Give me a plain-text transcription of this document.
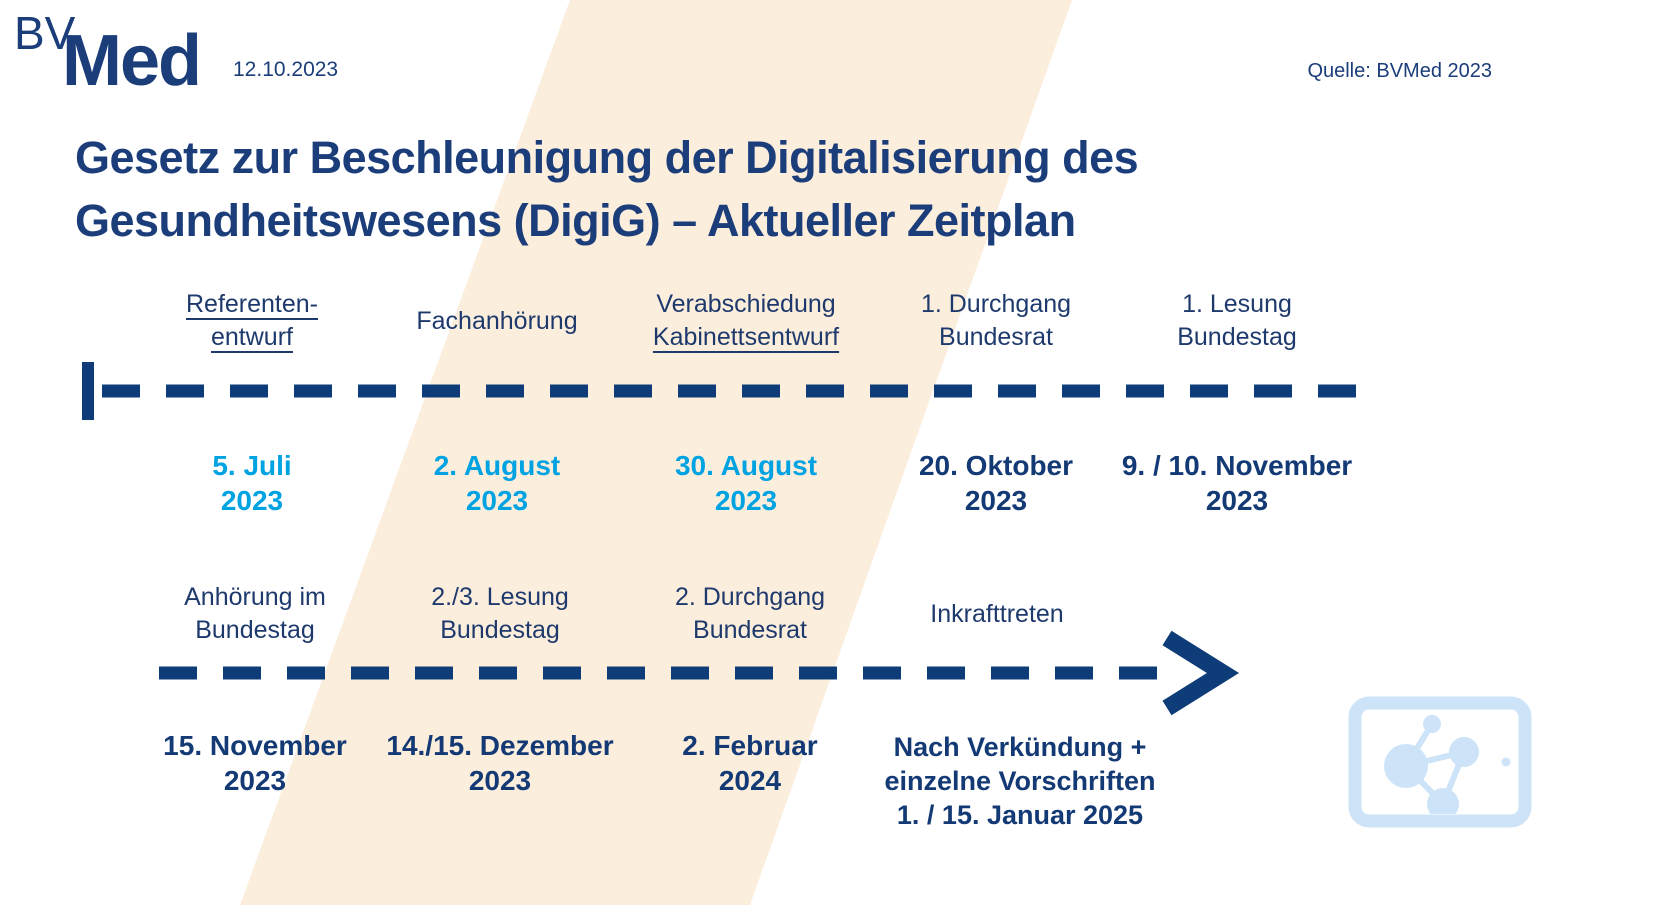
BV
Med 12.10.2023	Quelle: BVMed 2023
Gesetz zur Beschleunigung der Digitalisierung des
Gesundheitswesens (DigiG) – Aktueller Zeitplan
Referenten-
entwurf
Fachanhörung
Verabschiedung
Kabinettsentwurf
1. Durchgang
Bundesrat
1. Lesung
Bundestag
5. Juli
2023
2. August
2023
30. August
2023
20. Oktober
2023
9. / 10. November
2023
Anhörung im
Bundestag
2./3. Lesung
Bundestag
2. Durchgang
Bundesrat
Inkrafttreten
15. November
2023
14./15. Dezember
2023
2. Februar
2024
Nach Verkündung +
einzelne Vorschriften
1. / 15. Januar 2025
